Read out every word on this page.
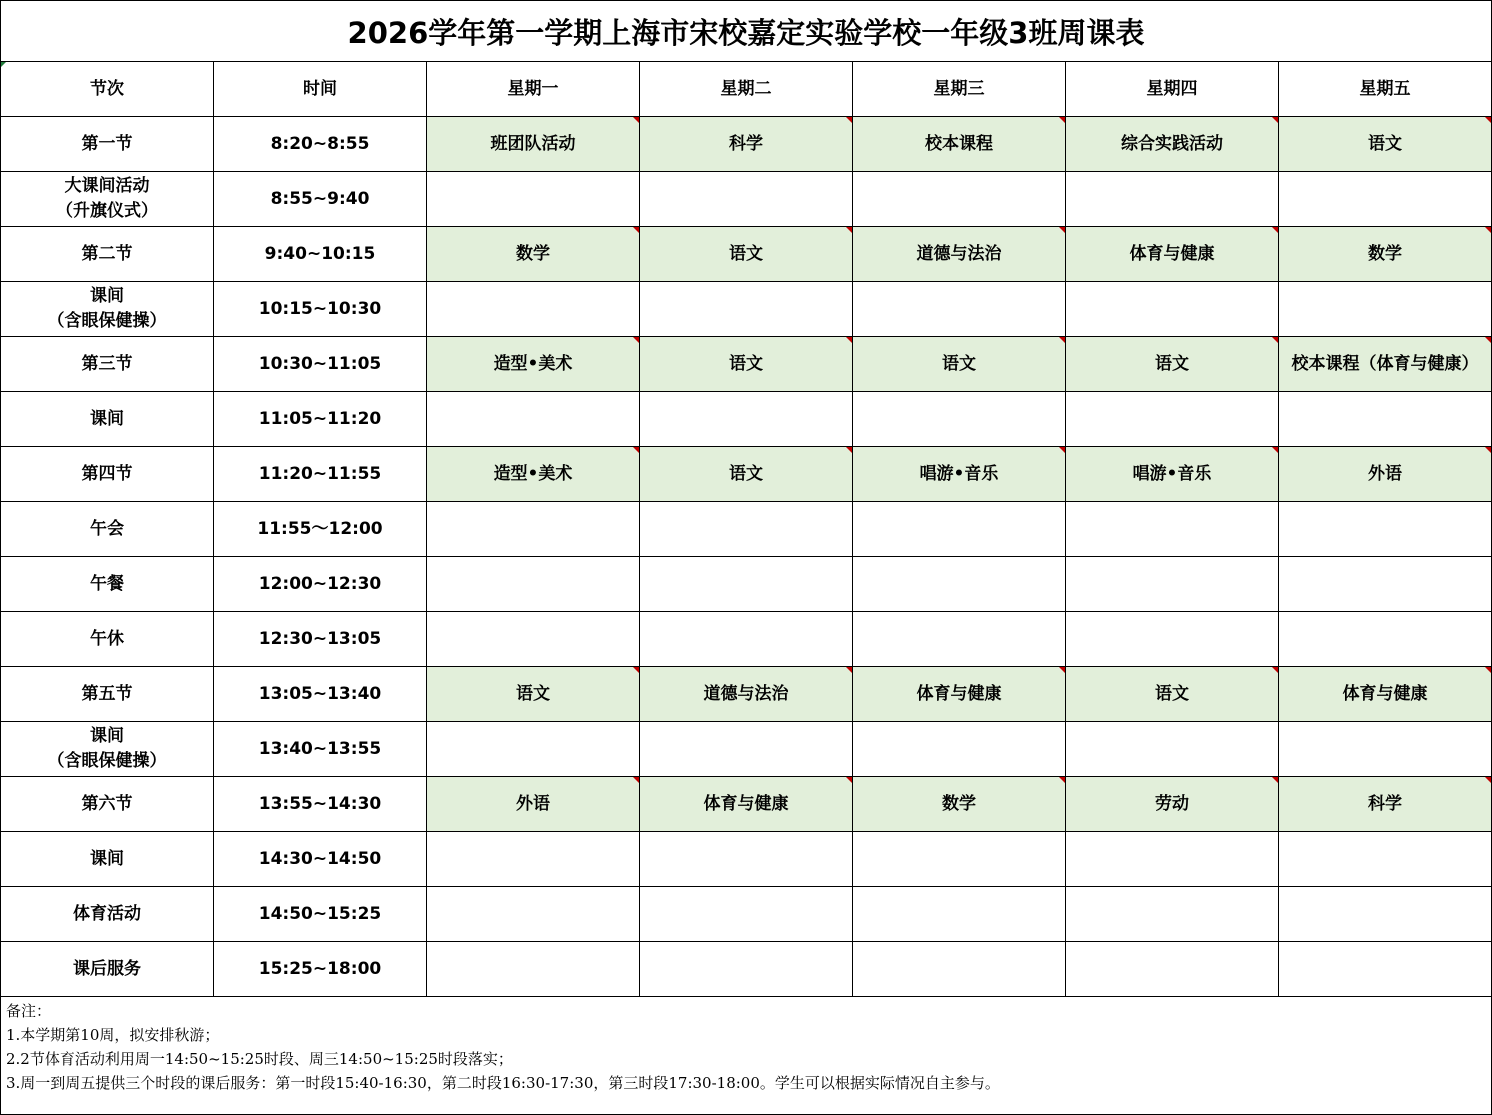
2026学年第一学期上海市宋校嘉定实验学校一年级3班周课表
节次	时间	星期一	星期二	星期三	星期四	星期五

第一节	8:20~8:55	班团队活动	科学	校本课程	综合实践活动	语文

大课间活动
（升旗仪式）	8:55~9:40					

第二节	9:40~10:15	数学	语文	道德与法治	体育与健康	数学

课间
（含眼保健操）	10:15~10:30					

第三节	10:30~11:05	造型•美术	语文	语文	语文	校本课程（体育与健康）

课间	11:05~11:20					

第四节	11:20~11:55	造型•美术	语文	唱游•音乐	唱游•音乐	外语

午会	11:55～12:00					

午餐	12:00~12:30					

午休	12:30~13:05					

第五节	13:05~13:40	语文	道德与法治	体育与健康	语文	体育与健康

课间
（含眼保健操）	13:40~13:55					

第六节	13:55~14:30	外语	体育与健康	数学	劳动	科学

课间	14:30~14:50					

体育活动	14:50~15:25					

课后服务	15:25~18:00					
备注：
1.本学期第10周，拟安排秋游；
2.2节体育活动利用周一14:50~15:25时段、周三14:50~15:25时段落实；
3.周一到周五提供三个时段的课后服务：第一时段15:40-16:30，第二时段16:30-17:30，第三时段17:30-18:00。学生可以根据实际情况自主参与。
